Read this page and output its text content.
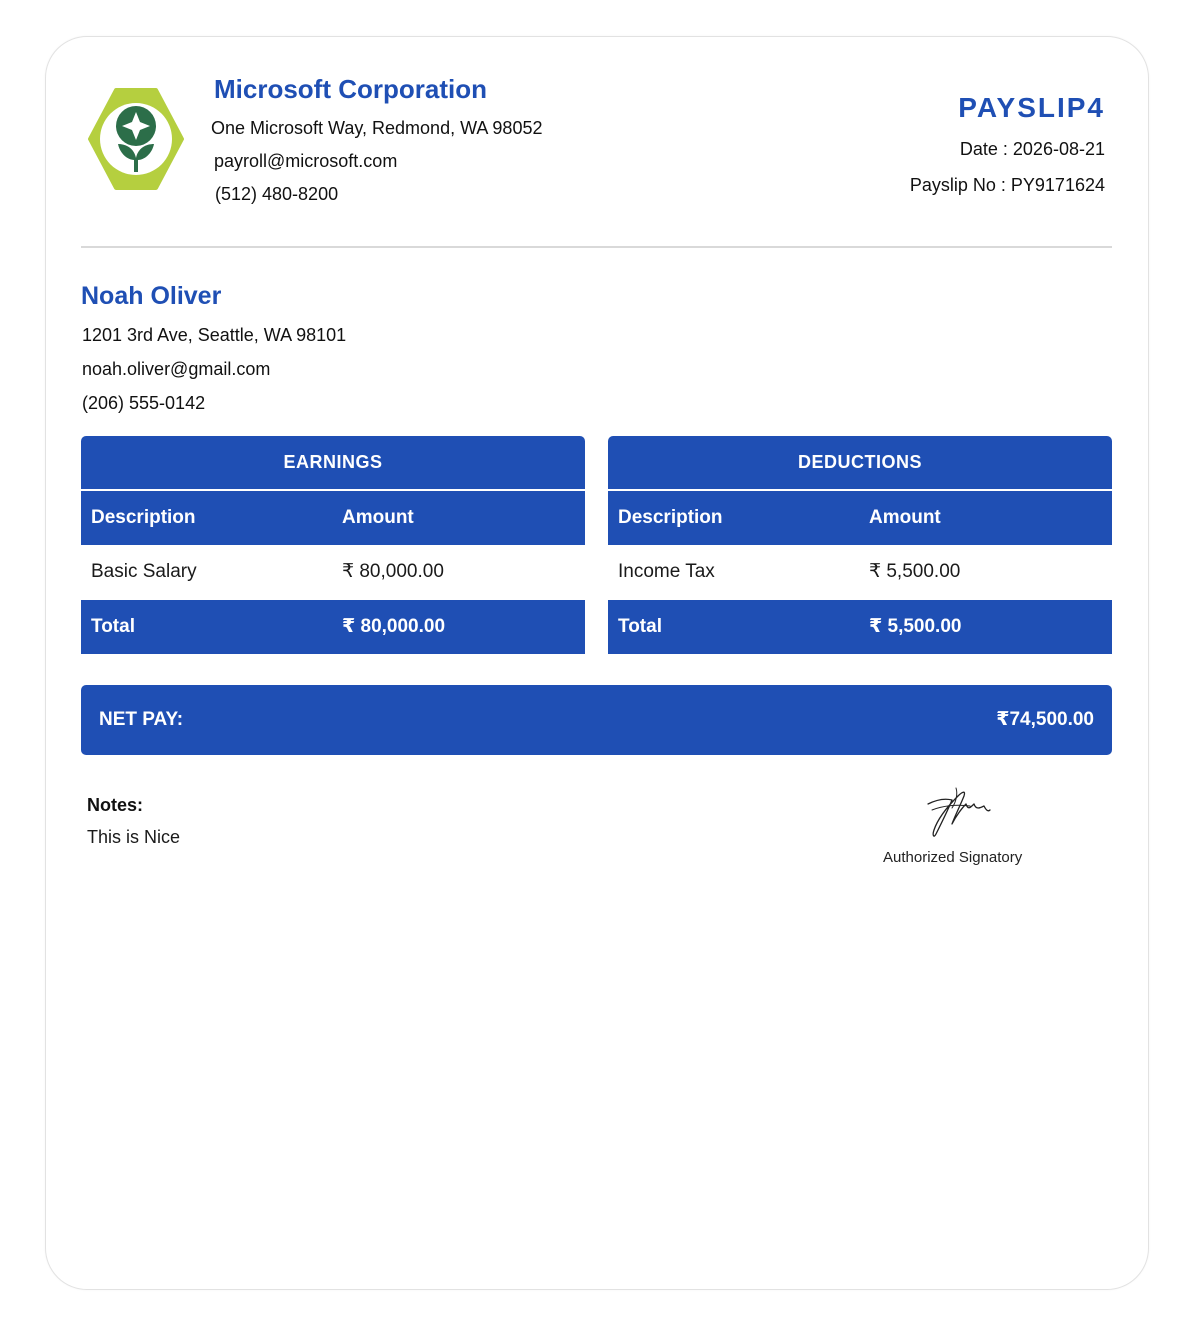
Microsoft Corporation
One Microsoft Way, Redmond, WA 98052
payroll@microsoft.com
(512) 480-8200
PAYSLIP4
Date : 2026-08-21
Payslip No : PY9171624
Noah Oliver
1201 3rd Ave, Seattle, WA 98101
noah.oliver@gmail.com
(206) 555-0142
EARNINGS
Description	Amount
Basic Salary	₹ 80,000.00
Total	₹ 80,000.00
DEDUCTIONS
Description	Amount
Income Tax	₹ 5,500.00
Total	₹ 5,500.00
NET PAY:	₹74,500.00
Notes:
This is Nice
Authorized Signatory
